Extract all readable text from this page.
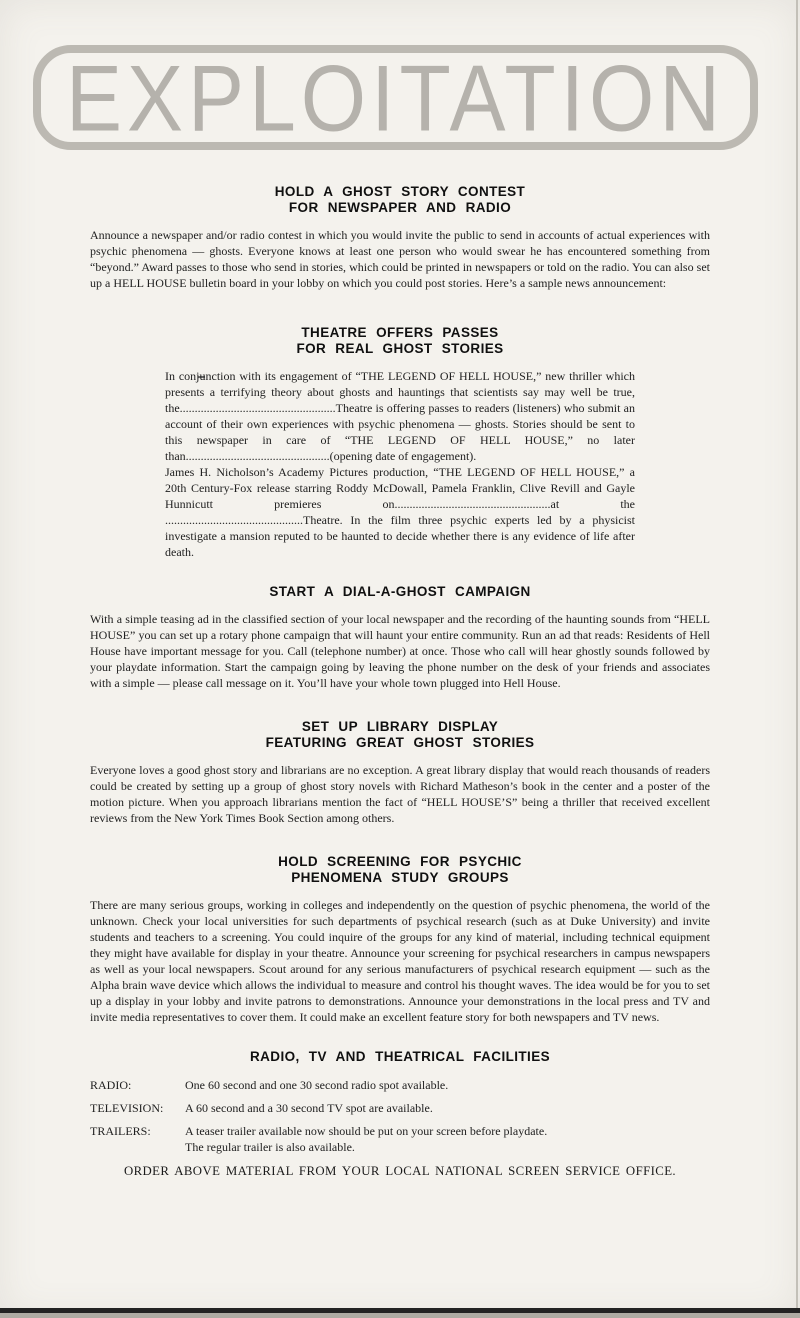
EXPLOITATION
HOLD A GHOST STORY CONTEST
FOR NEWSPAPER AND RADIO

Announce a newspaper and/or radio contest in which you would invite the public to send in accounts of actual experiences with psychic phenomena — ghosts. Everyone knows at least one person who would swear he has encountered something from “beyond.” Award passes to those who send in stories, which could be printed in newspapers or told on the radio. You can also set up a HELL HOUSE bulletin board in your lobby on which you could post stories. Here’s a sample news announcement:

THEATRE OFFERS PASSES
FOR REAL GHOST STORIES

In conjunction with its engagement of “THE LEGEND OF HELL HOUSE,” new thriller which presents a terrifying theory about ghosts and hauntings that scientists say may well be true, the....................................................Theatre is offering passes to readers (listeners) who submit an account of their own experiences with psychic phenomena — ghosts. Stories should be sent to this newspaper in care of “THE LEGEND OF HELL HOUSE,” no later than................................................(opening date of engagement).

James H. Nicholson’s Academy Pictures production, “THE LEGEND OF HELL HOUSE,” a 20th Century-Fox release starring Roddy McDowall, Pamela Franklin, Clive Revill and Gayle Hunnicutt premieres on....................................................at the ..............................................Theatre. In the film three psychic experts led by a physicist investigate a mansion reputed to be haunted to decide whether there is any evidence of life after death.

START A DIAL-A-GHOST CAMPAIGN

With a simple teasing ad in the classified section of your local newspaper and the recording of the haunting sounds from “HELL HOUSE” you can set up a rotary phone campaign that will haunt your entire community. Run an ad that reads: Residents of Hell House have important message for you. Call (telephone number) at once. Those who call will hear ghostly sounds followed by your playdate information. Start the campaign going by leaving the phone number on the desk of your friends and associates with a simple — please call message on it. You’ll have your whole town plugged into Hell House.

SET UP LIBRARY DISPLAY
FEATURING GREAT GHOST STORIES

Everyone loves a good ghost story and librarians are no exception. A great library display that would reach thousands of readers could be created by setting up a group of ghost story novels with Richard Matheson’s book in the center and a poster of the motion picture. When you approach librarians mention the fact of “HELL HOUSE’S” being a thriller that received excellent reviews from the New York Times Book Section among others.

HOLD SCREENING FOR PSYCHIC
PHENOMENA STUDY GROUPS

There are many serious groups, working in colleges and independently on the question of psychic phenomena, the world of the unknown. Check your local universities for such departments of psychical research (such as at Duke University) and invite students and teachers to a screening. You could inquire of the groups for any kind of material, including technical equipment they might have available for display in your theatre. Announce your screening for psychical researchers in campus newspapers as well as your local newspapers. Scout around for any serious manufacturers of psychical research equipment — such as the Alpha brain wave device which allows the individual to measure and control his thought waves. The idea would be for you to set up a display in your lobby and invite patrons to demonstrations. Announce your demonstrations in the local press and TV and invite media representatives to cover them. It could make an excellent feature story for both newspapers and TV news.

RADIO, TV AND THEATRICAL FACILITIES
RADIO:	One 60 second and one 30 second radio spot available.
TELEVISION:	A 60 second and a 30 second TV spot are available.
TRAILERS:	A teaser trailer available now should be put on your screen before playdate.
The regular trailer is also available.
ORDER ABOVE MATERIAL FROM YOUR LOCAL NATIONAL SCREEN SERVICE OFFICE.
